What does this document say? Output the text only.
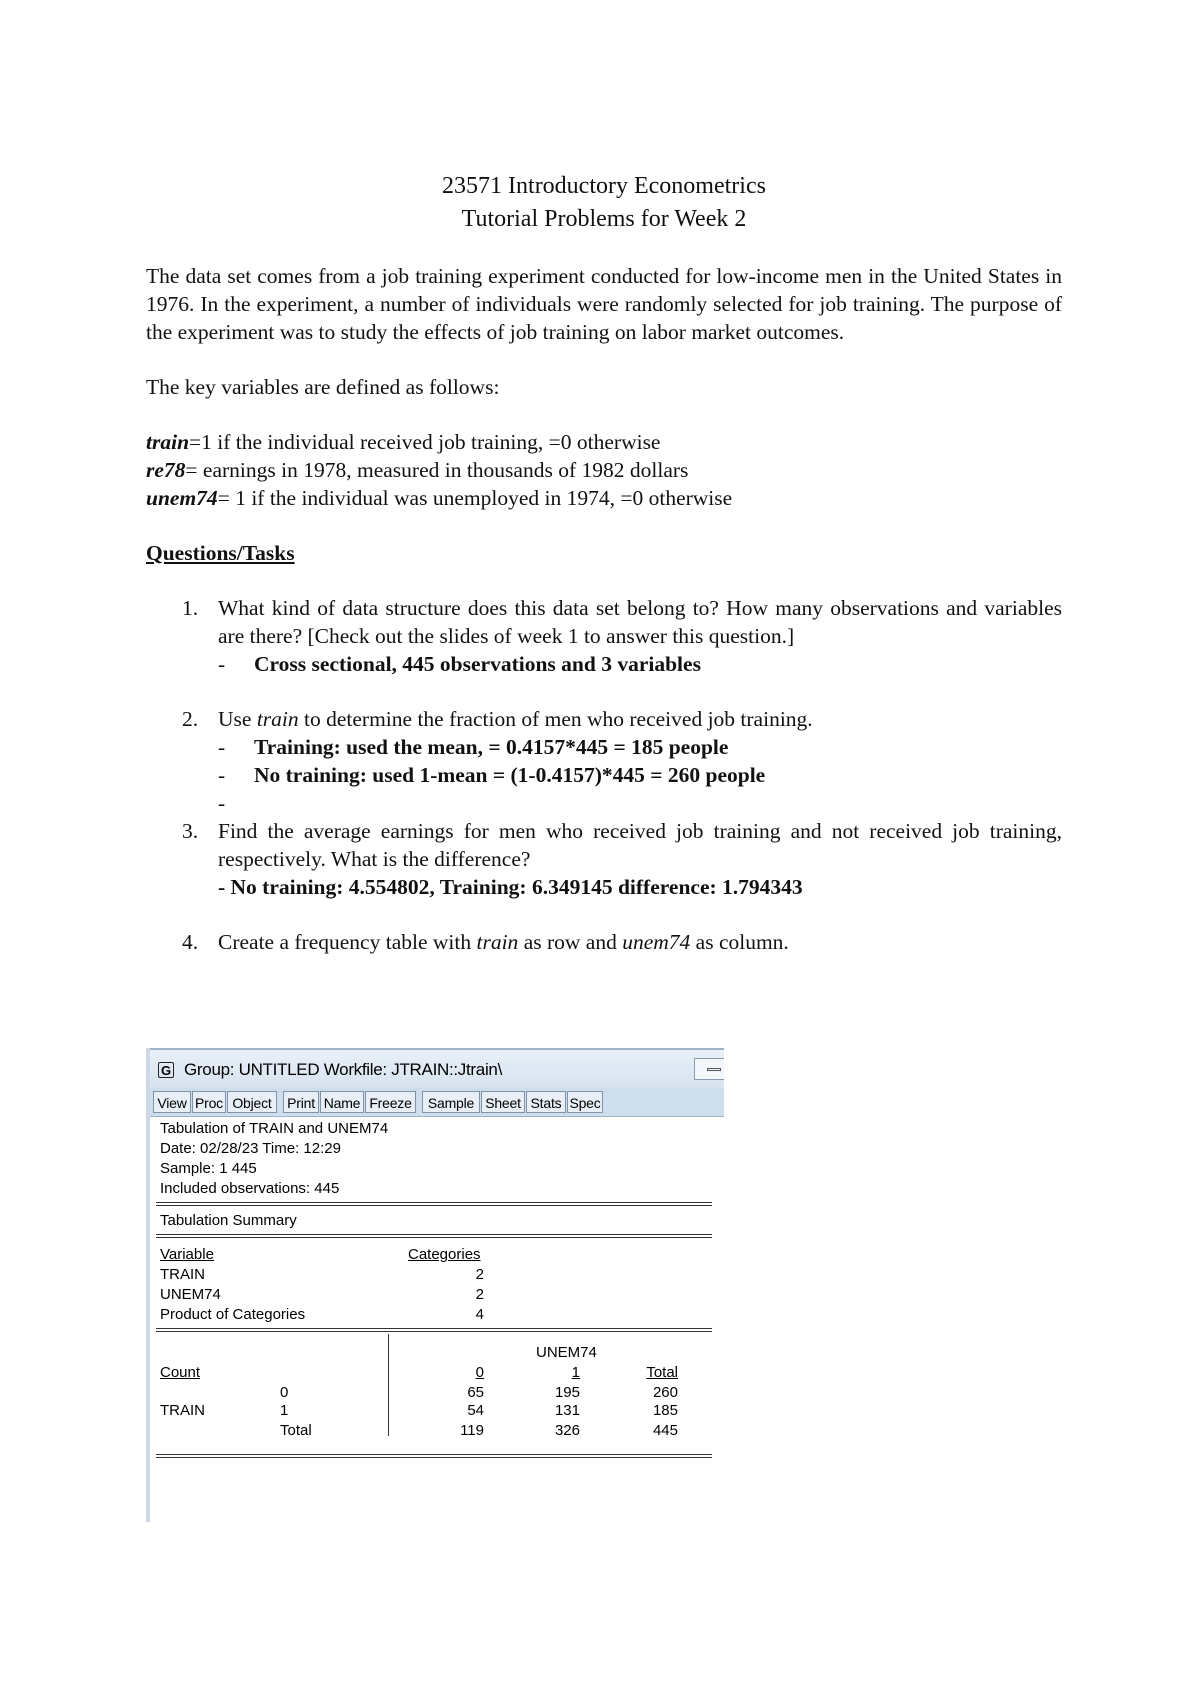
23571 Introductory Econometrics

Tutorial Problems for Week 2

The data set comes from a job training experiment conducted for low-income men in the United States in 1976. In the experiment, a number of individuals were randomly selected for job training. The purpose of the experiment was to study the effects of job training on labor market outcomes.

The key variables are defined as follows:

train=1 if the individual received job training, =0 otherwise
re78= earnings in 1978, measured in thousands of 1982 dollars
unem74= 1 if the individual was unemployed in 1974, =0 otherwise

Questions/Tasks

1. What kind of data structure does this data set belong to? How many observations and variables are there? [Check out the slides of week 1 to answer this question.]
- Cross sectional, 445 observations and 3 variables
2. Use train to determine the fraction of men who received job training.
- Training: used the mean, = 0.4157*445 = 185 people
- No training: used 1-mean = (1-0.4157)*445 = 260 people
-
3. Find the average earnings for men who received job training and not received job training, respectively. What is the difference?
- No training: 4.554802, Training: 6.349145 difference: 1.794343
4. Create a frequency table with train as row and unem74 as column.
G Group: UNTITLED Workfile: JTRAIN::Jtrain\
View Proc Object	Print Name Freeze	Sample Sheet Stats Spec
Tabulation of TRAIN and UNEM74
Date: 02/28/23 Time: 12:29
Sample: 1 445
Included observations: 445
Tabulation Summary
Variable	Categories
TRAIN	2
UNEM74	2
Product of Categories	4
UNEM74
Count	0	1	Total
TRAIN
0	65	195	260
1	54	131	185
Total	119	326	445
